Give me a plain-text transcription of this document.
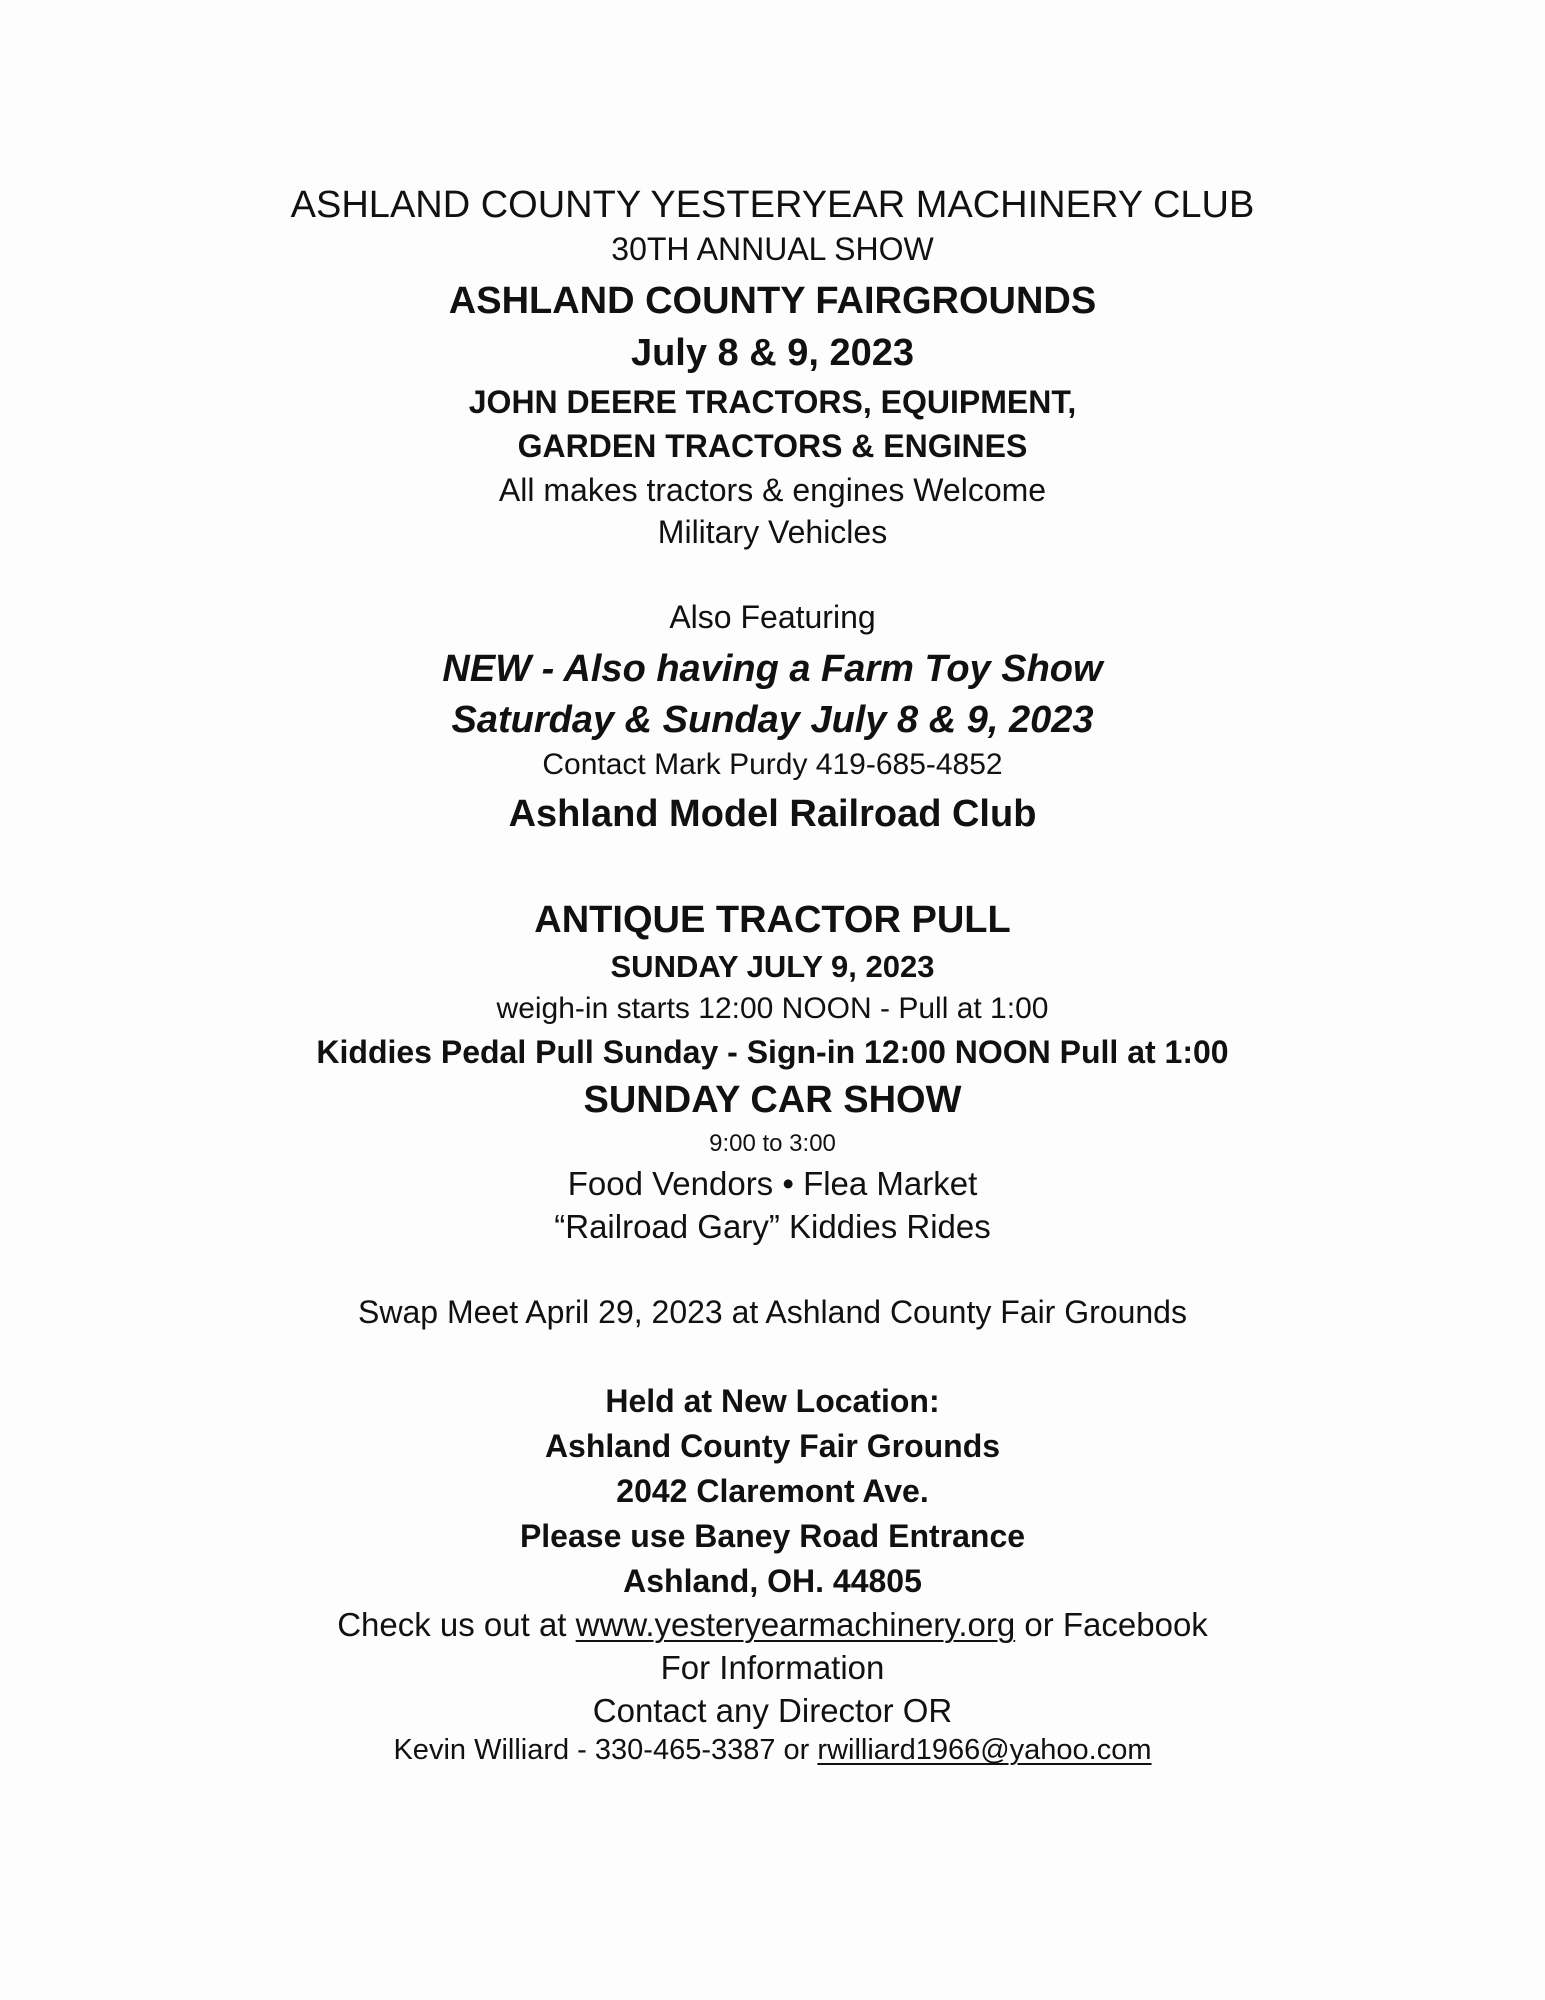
ASHLAND COUNTY YESTERYEAR MACHINERY CLUB
30TH ANNUAL SHOW
ASHLAND COUNTY FAIRGROUNDS
July 8 & 9, 2023
JOHN DEERE TRACTORS, EQUIPMENT,
GARDEN TRACTORS & ENGINES
All makes tractors & engines Welcome
Military Vehicles
Also Featuring
NEW - Also having a Farm Toy Show
Saturday & Sunday July 8 & 9, 2023
Contact Mark Purdy 419-685-4852
Ashland Model Railroad Club
ANTIQUE TRACTOR PULL
SUNDAY JULY 9, 2023
weigh-in starts 12:00 NOON - Pull at 1:00
Kiddies Pedal Pull Sunday - Sign-in 12:00 NOON Pull at 1:00
SUNDAY CAR SHOW
9:00 to 3:00
Food Vendors • Flea Market
“Railroad Gary” Kiddies Rides
Swap Meet April 29, 2023 at Ashland County Fair Grounds
Held at New Location:
Ashland County Fair Grounds
2042 Claremont Ave.
Please use Baney Road Entrance
Ashland, OH. 44805
Check us out at www.yesteryearmachinery.org or Facebook
For Information
Contact any Director OR
Kevin Williard - 330-465-3387 or rwilliard1966@yahoo.com
